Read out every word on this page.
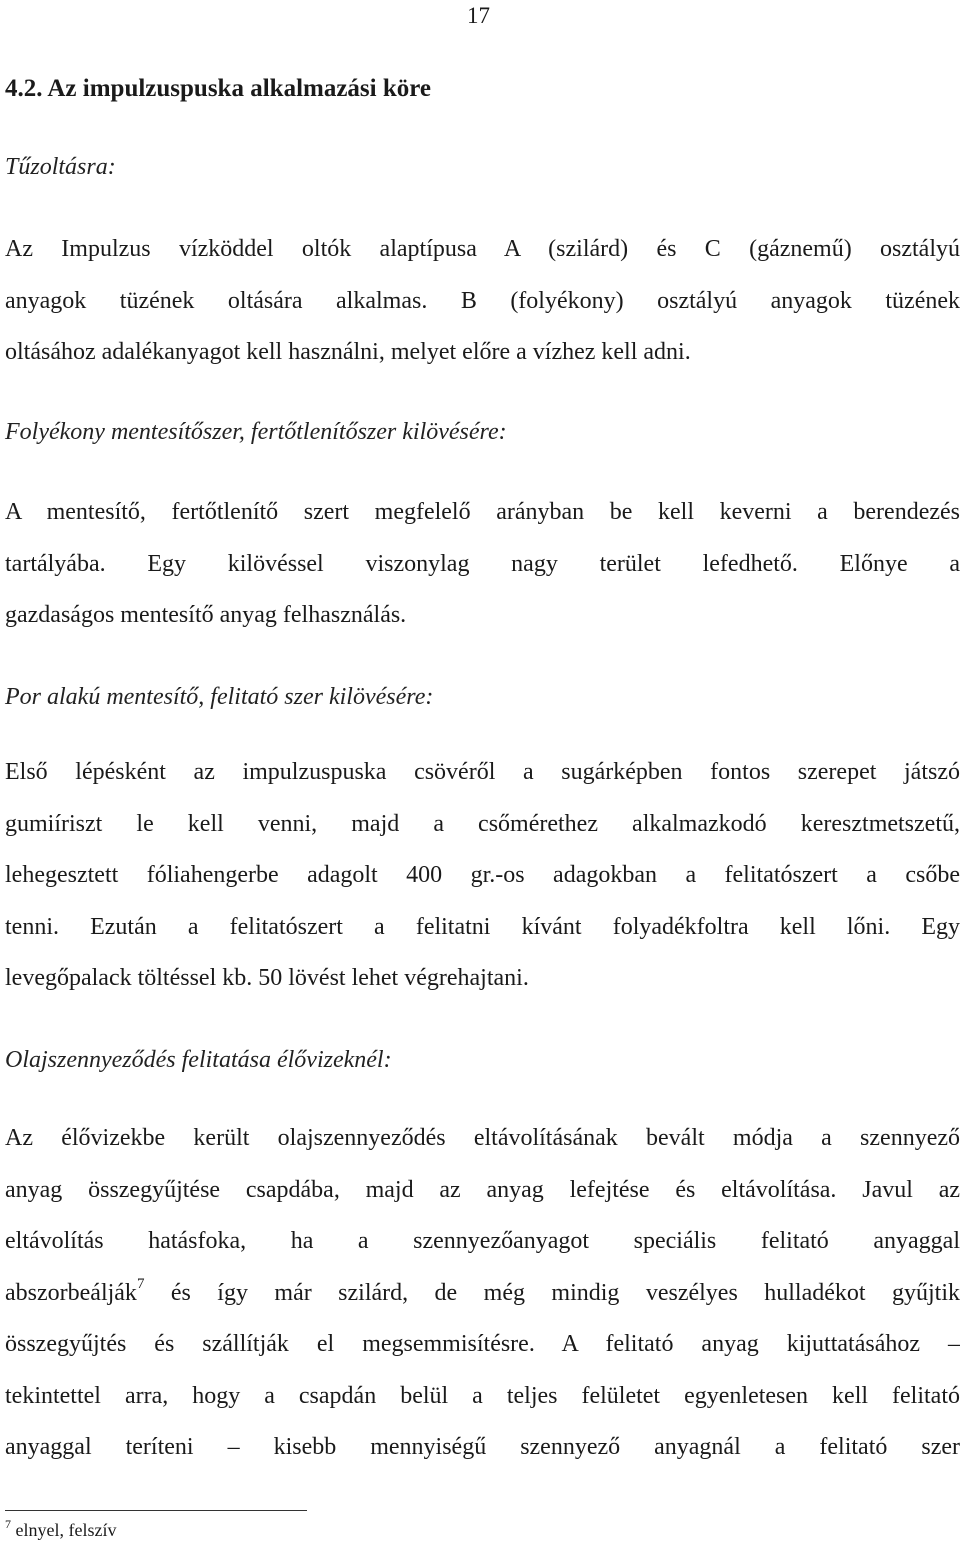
17
4.2. Az impulzuspuska alkalmazási köre
Tűzoltásra:
Az Impulzus vízköddel oltók alaptípusa A (szilárd) és C (gáznemű) osztályú
anyagok tüzének oltására alkalmas. B (folyékony) osztályú anyagok tüzének
oltásához adalékanyagot kell használni, melyet előre a vízhez kell adni.
Folyékony mentesítőszer, fertőtlenítőszer kilövésére:
A mentesítő, fertőtlenítő szert megfelelő arányban be kell keverni a berendezés
tartályába. Egy kilövéssel viszonylag nagy terület lefedhető. Előnye a
gazdaságos mentesítő anyag felhasználás.
Por alakú mentesítő, felitató szer kilövésére:
Első lépésként az impulzuspuska csövéről a sugárképben fontos szerepet játszó
gumiíriszt le kell venni, majd a csőmérethez alkalmazkodó keresztmetszetű,
lehegesztett fóliahengerbe adagolt 400 gr.-os adagokban a felitatószert a csőbe
tenni. Ezután a felitatószert a felitatni kívánt folyadékfoltra kell lőni. Egy
levegőpalack töltéssel kb. 50 lövést lehet végrehajtani.
Olajszennyeződés felitatása élővizeknél:
Az élővizekbe került olajszennyeződés eltávolításának bevált módja a szennyező
anyag összegyűjtése csapdába, majd az anyag lefejtése és eltávolítása. Javul az
eltávolítás hatásfoka, ha a szennyezőanyagot speciális felitató anyaggal
abszorbeálják$^7$ és így már szilárd, de még mindig veszélyes hulladékot gyűjtik
összegyűjtés és szállítják el megsemmisítésre. A felitató anyag kijuttatásához –
tekintettel arra, hogy a csapdán belül a teljes felületet egyenletesen kell felitató
anyaggal teríteni – kisebb mennyiségű szennyező anyagnál a felitató szer
$^7$ elnyel, felszív
